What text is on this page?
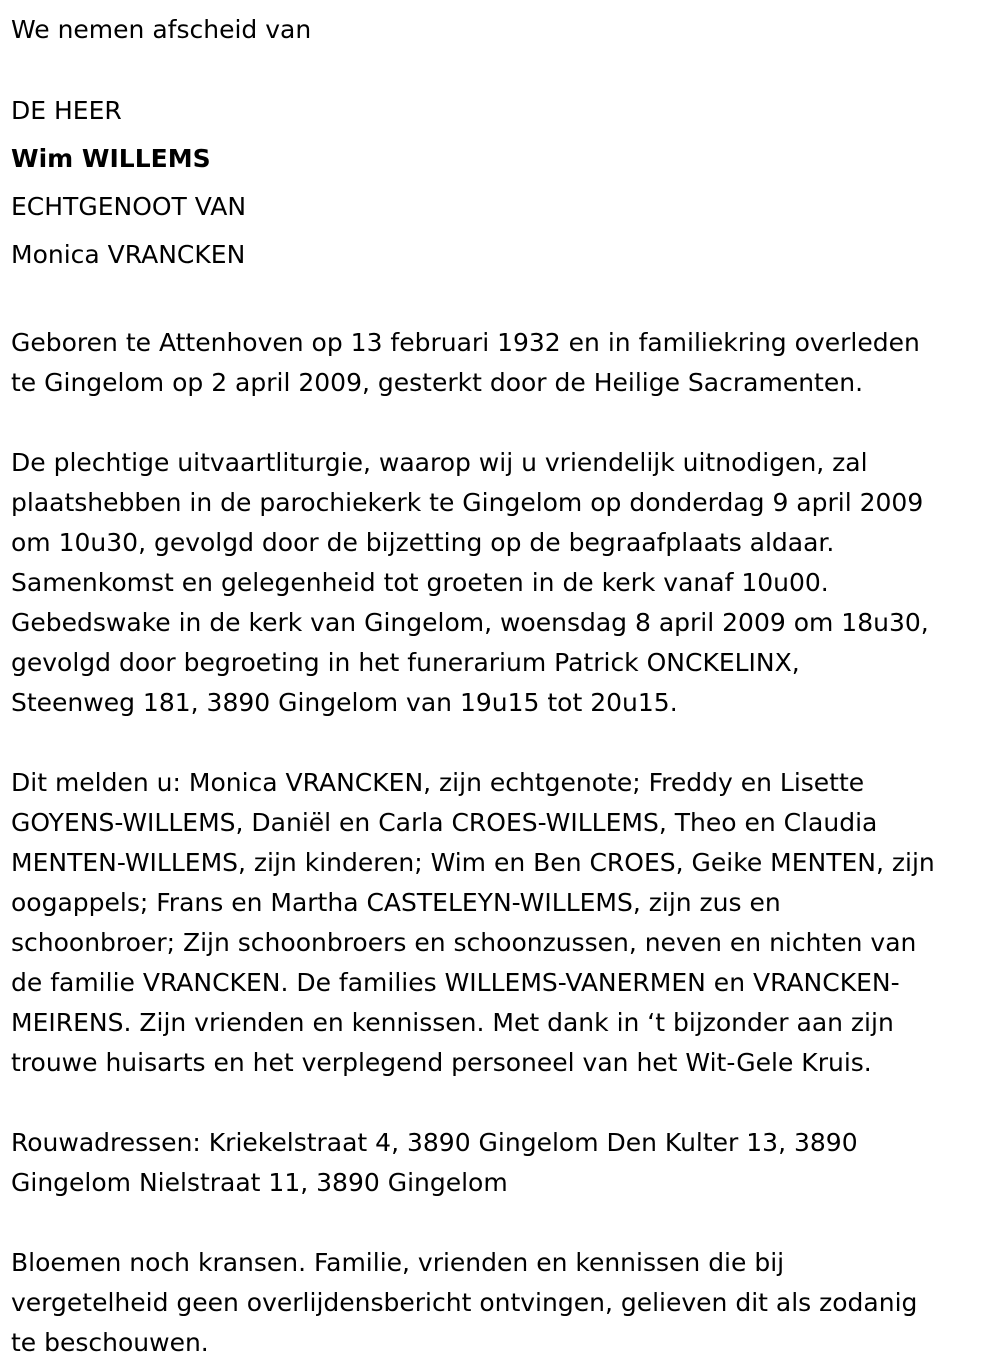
We nemen afscheid van
DE HEER
Wim WILLEMS
ECHTGENOOT VAN
Monica VRANCKEN

Geboren te Attenhoven op 13 februari 1932 en in familiekring overleden
te Gingelom op 2 april 2009, gesterkt door de Heilige Sacramenten.

De plechtige uitvaartliturgie, waarop wij u vriendelijk uitnodigen, zal
plaatshebben in de parochiekerk te Gingelom op donderdag 9 april 2009
om 10u30, gevolgd door de bijzetting op de begraafplaats aldaar.
Samenkomst en gelegenheid tot groeten in de kerk vanaf 10u00.
Gebedswake in de kerk van Gingelom, woensdag 8 april 2009 om 18u30,
gevolgd door begroeting in het funerarium Patrick ONCKELINX,
Steenweg 181, 3890 Gingelom van 19u15 tot 20u15.

Dit melden u: Monica VRANCKEN, zijn echtgenote; Freddy en Lisette
GOYENS-WILLEMS, Daniël en Carla CROES-WILLEMS, Theo en Claudia
MENTEN-WILLEMS, zijn kinderen; Wim en Ben CROES, Geike MENTEN, zijn
oogappels; Frans en Martha CASTELEYN-WILLEMS, zijn zus en
schoonbroer; Zijn schoonbroers en schoonzussen, neven en nichten van
de familie VRANCKEN. De families WILLEMS-VANERMEN en VRANCKEN-
MEIRENS. Zijn vrienden en kennissen. Met dank in ‘t bijzonder aan zijn
trouwe huisarts en het verplegend personeel van het Wit-Gele Kruis.

Rouwadressen: Kriekelstraat 4, 3890 Gingelom Den Kulter 13, 3890
Gingelom Nielstraat 11, 3890 Gingelom

Bloemen noch kransen. Familie, vrienden en kennissen die bij
vergetelheid geen overlijdensbericht ontvingen, gelieven dit als zodanig
te beschouwen.
